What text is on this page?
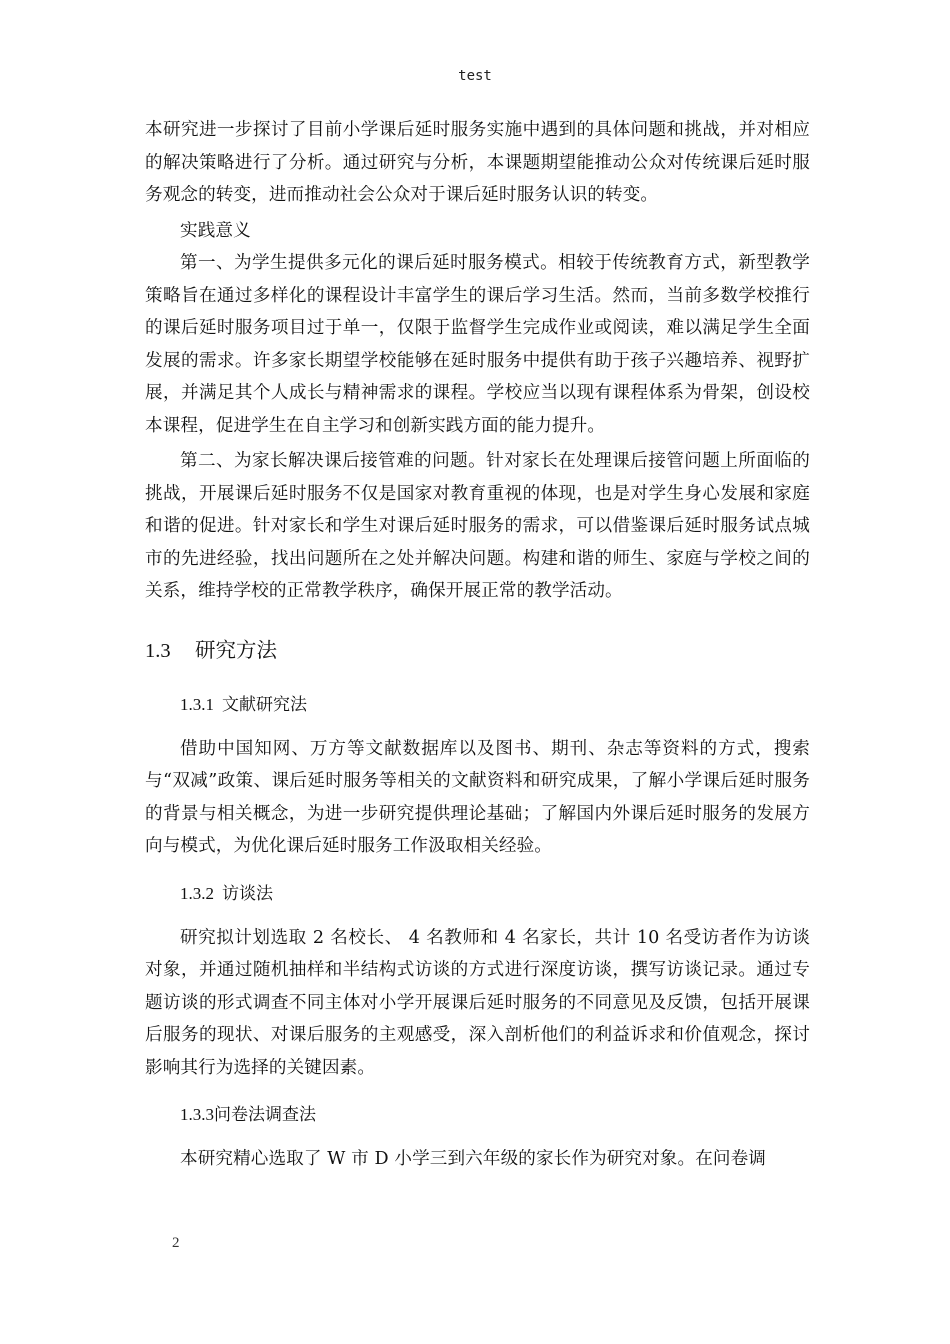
test

本研究进一步探讨了目前小学课后延时服务实施中遇到的具体问题和挑战，并对相应的解决策略进行了分析。通过研究与分析，本课题期望能推动公众对传统课后延时服务观念的转变，进而推动社会公众对于课后延时服务认识的转变。

实践意义

第一、为学生提供多元化的课后延时服务模式。相较于传统教育方式，新型教学策略旨在通过多样化的课程设计丰富学生的课后学习生活。然而，当前多数学校推行的课后延时服务项目过于单一，仅限于监督学生完成作业或阅读，难以满足学生全面发展的需求。许多家长期望学校能够在延时服务中提供有助于孩子兴趣培养、视野扩展，并满足其个人成长与精神需求的课程。学校应当以现有课程体系为骨架，创设校本课程，促进学生在自主学习和创新实践方面的能力提升。

第二、为家长解决课后接管难的问题。针对家长在处理课后接管问题上所面临的挑战，开展课后延时服务不仅是国家对教育重视的体现，也是对学生身心发展和家庭和谐的促进。针对家长和学生对课后延时服务的需求，可以借鉴课后延时服务试点城市的先进经验，找出问题所在之处并解决问题。构建和谐的师生、家庭与学校之间的关系，维持学校的正常教学秩序，确保开展正常的教学活动。

1.3 研究方法
1.3.1 文献研究法

借助中国知网、万方等文献数据库以及图书、期刊、杂志等资料的方式，搜索与“双减”政策、课后延时服务等相关的文献资料和研究成果，了解小学课后延时服务的背景与相关概念，为进一步研究提供理论基础；了解国内外课后延时服务的发展方向与模式，为优化课后延时服务工作汲取相关经验。

1.3.2 访谈法

研究拟计划选取 2 名校长、 4 名教师和 4 名家长，共计 10 名受访者作为访谈对象，并通过随机抽样和半结构式访谈的方式进行深度访谈，撰写访谈记录。通过专题访谈的形式调查不同主体对小学开展课后延时服务的不同意见及反馈，包括开展课后服务的现状、对课后服务的主观感受，深入剖析他们的利益诉求和价值观念，探讨影响其行为选择的关键因素。

1.3.3问卷法调查法

本研究精心选取了 W 市 D 小学三到六年级的家长作为研究对象。在问卷调

2
